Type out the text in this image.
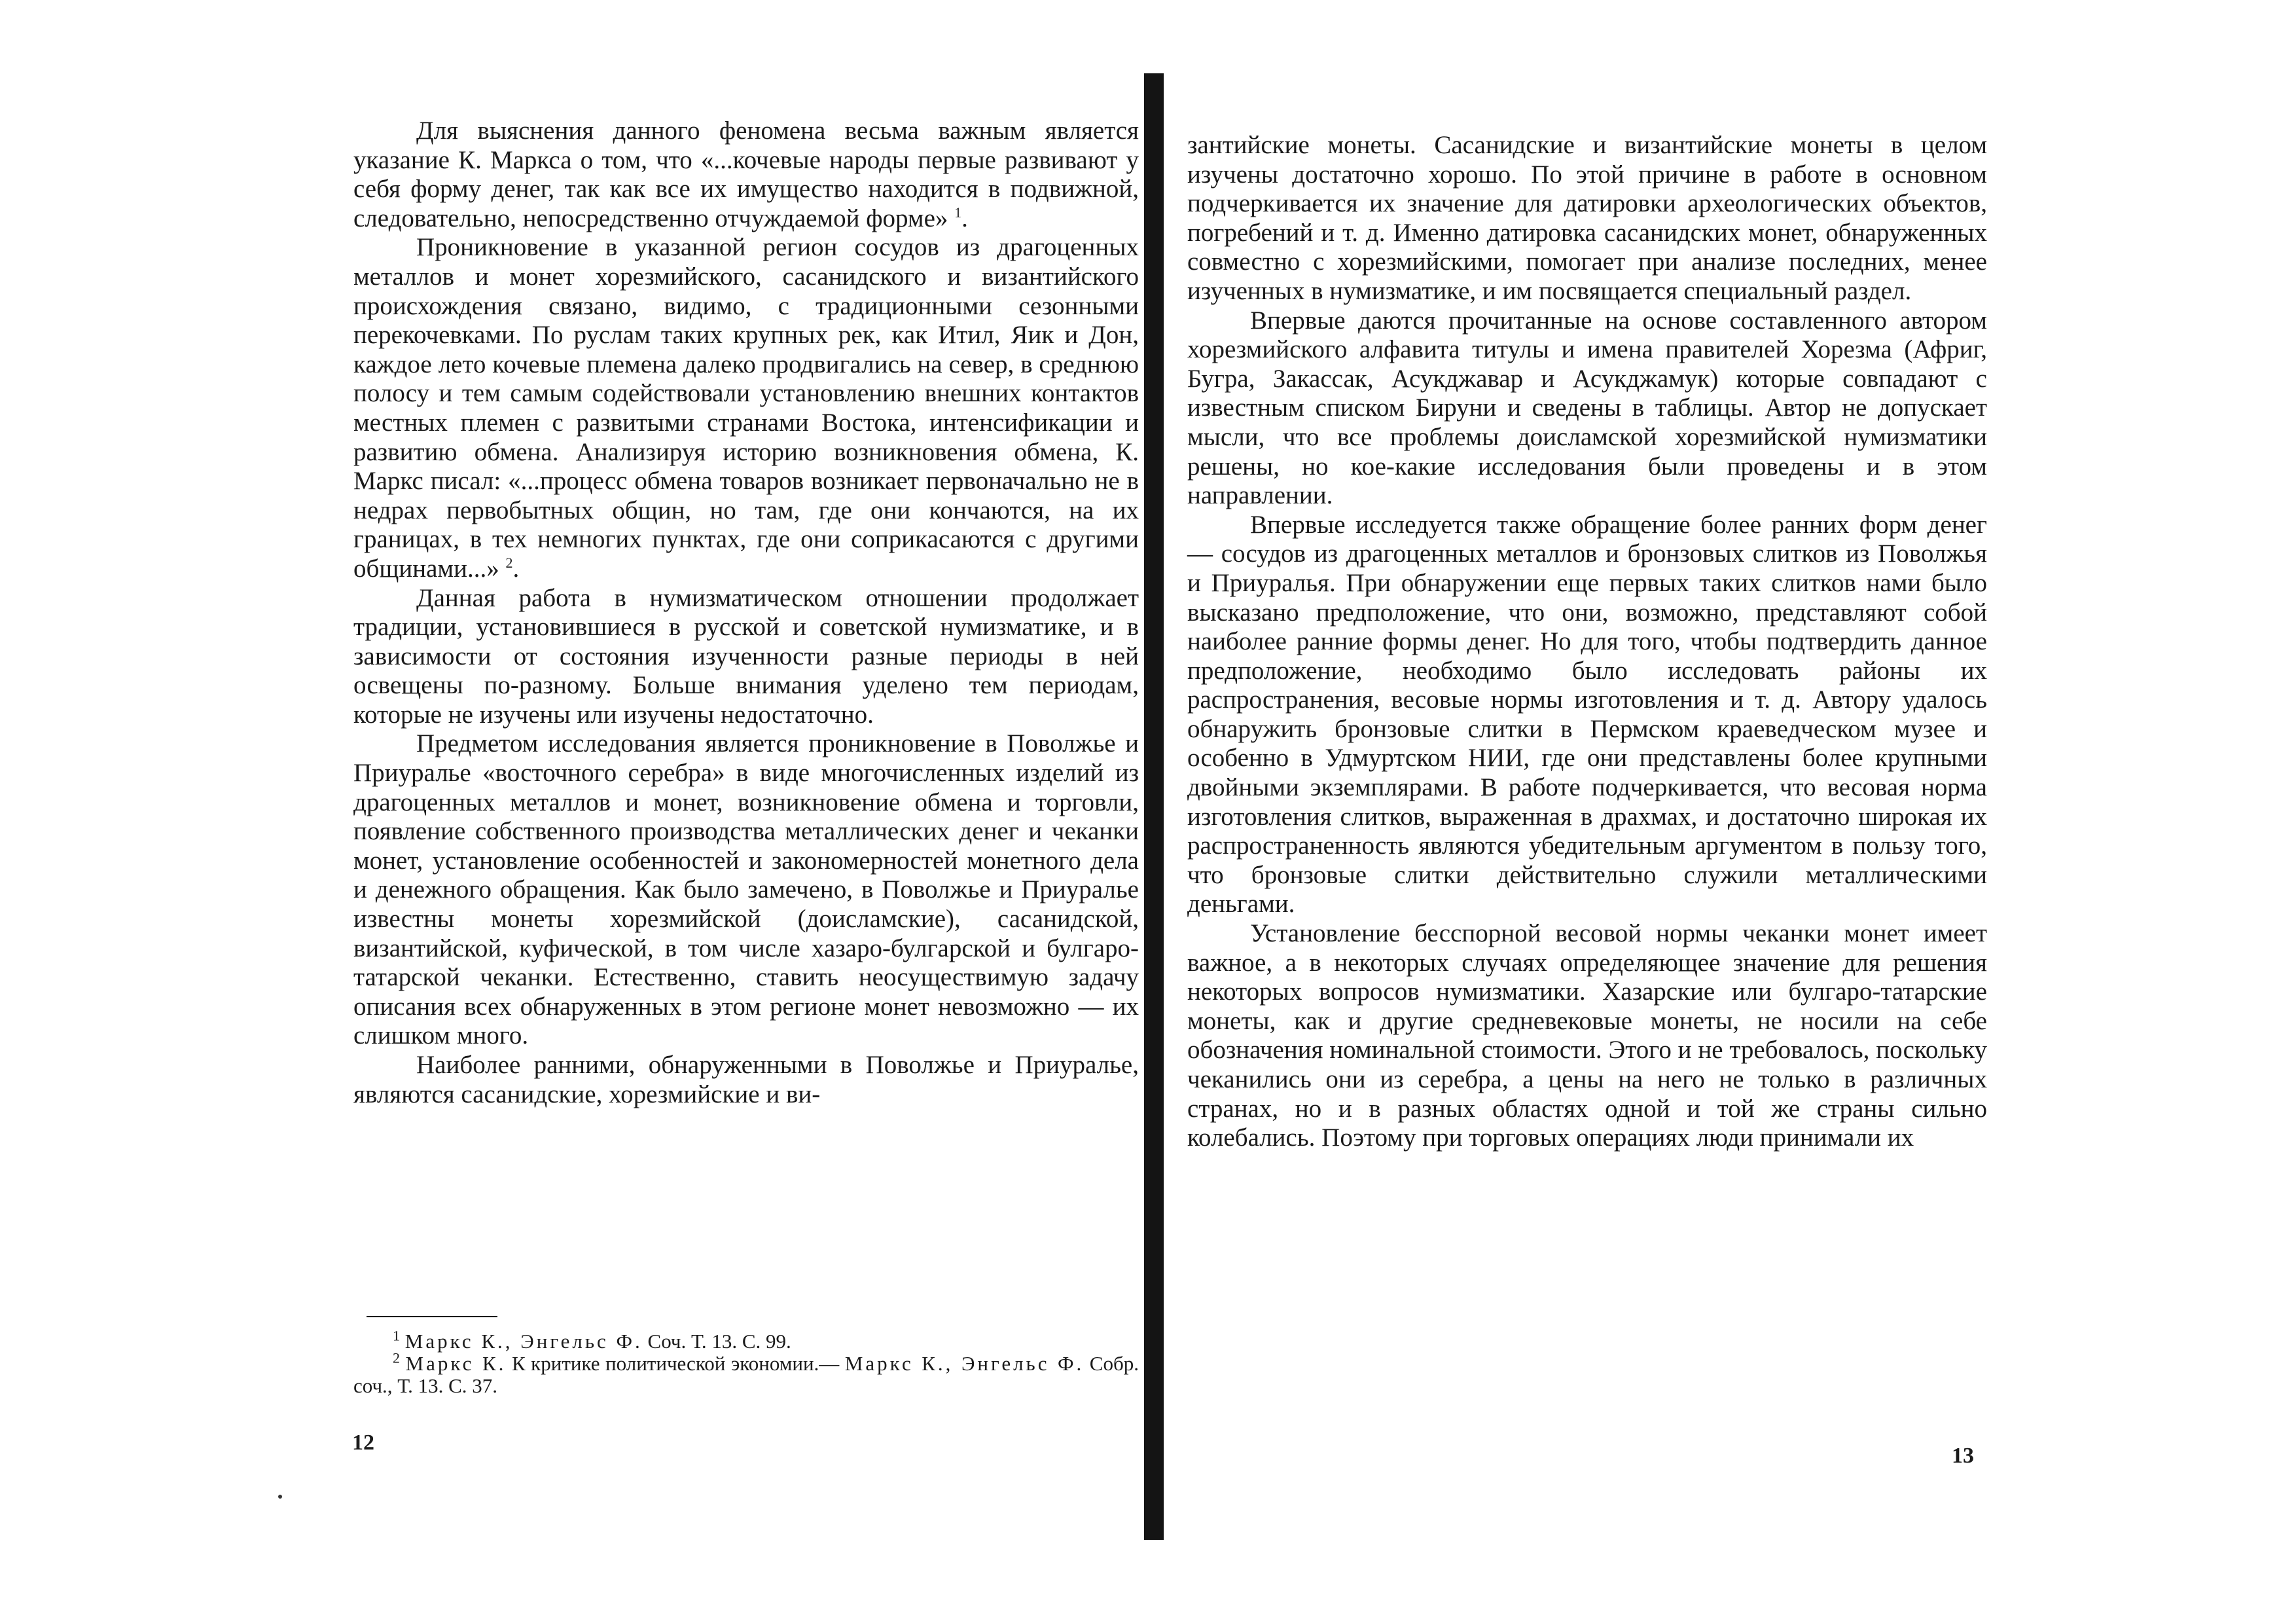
Для выяснения данного феномена весьма важным является указание К. Маркса о том, что «...кочевые народы первые развивают у себя форму денег, так как все их имущество находится в подвижной, следовательно, непосредственно отчуждаемой форме» $^1$.

Проникновение в указанной регион сосудов из драгоценных металлов и монет хорезмийского, сасанидского и византийского происхождения связано, видимо, с традиционными сезонными перекочевками. По руслам таких крупных рек, как Итил, Яик и Дон, каждое лето кочевые племена далеко продвигались на север, в среднюю полосу и тем самым содействовали установлению внешних контактов местных племен с развитыми странами Востока, интенсификации и развитию обмена. Анализируя историю возникновения обмена, К. Маркс писал: «...процесс обмена товаров возникает первоначально не в недрах первобытных общин, но там, где они кончаются, на их границах, в тех немногих пунктах, где они соприкасаются с другими общинами...» $^2$.

Данная работа в нумизматическом отношении продолжает традиции, установившиеся в русской и советской нумизматике, и в зависимости от состояния изученности разные периоды в ней освещены по-разному. Больше внимания уделено тем периодам, которые не изучены или изучены недостаточно.

Предметом исследования является проникновение в Поволжье и Приуралье «восточного серебра» в виде многочисленных изделий из драгоценных металлов и монет, возникновение обмена и торговли, появление собственного производства металлических денег и чеканки монет, установление особенностей и закономерностей монетного дела и денежного обращения. Как было замечено, в Поволжье и Приуралье известны монеты хорезмийской (доисламские), сасанидской, византийской, куфической, в том числе хазаро-булгарской и булгаро-татарской чеканки. Естественно, ставить неосуществимую задачу описания всех обнаруженных в этом регионе монет невозможно — их слишком много.

Наиболее ранними, обнаруженными в Поволжье и Приуралье, являются сасанидские, хорезмийские и ви-

$^1$ Маркс К., Энгельс Ф. Соч. Т. 13. С. 99.

$^2$ Маркс К. К критике политической экономии.— Маркс К., Энгельс Ф. Собр. соч., Т. 13. С. 37.

12

зантийские монеты. Сасанидские и византийские монеты в целом изучены достаточно хорошо. По этой причине в работе в основном подчеркивается их значение для датировки археологических объектов, погребений и т. д. Именно датировка сасанидских монет, обнаруженных совместно с хорезмийскими, помогает при анализе последних, менее изученных в нумизматике, и им посвящается специальный раздел.

Впервые даются прочитанные на основе составленного автором хорезмийского алфавита титулы и имена правителей Хорезма (Африг, Бугра, Закассак, Асукджавар и Асукджамук) которые совпадают с известным списком Бируни и сведены в таблицы. Автор не допускает мысли, что все проблемы доисламской хорезмийской нумизматики решены, но кое-какие исследования были проведены и в этом направлении.

Впервые исследуется также обращение более ранних форм денег — сосудов из драгоценных металлов и бронзовых слитков из Поволжья и Приуралья. При обнаружении еще первых таких слитков нами было высказано предположение, что они, возможно, представляют собой наиболее ранние формы денег. Но для того, чтобы подтвердить данное предположение, необходимо было исследовать районы их распространения, весовые нормы изготовления и т. д. Автору удалось обнаружить бронзовые слитки в Пермском краеведческом музее и особенно в Удмуртском НИИ, где они представлены более крупными двойными экземплярами. В работе подчеркивается, что весовая норма изготовления слитков, выраженная в драхмах, и достаточно широкая их распространенность являются убедительным аргументом в пользу того, что бронзовые слитки действительно служили металлическими деньгами.

Установление бесспорной весовой нормы чеканки монет имеет важное, а в некоторых случаях определяющее значение для решения некоторых вопросов нумизматики. Хазарские или булгаро-татарские монеты, как и другие средневековые монеты, не носили на себе обозначения номинальной стоимости. Этого и не требовалось, поскольку чеканились они из серебра, а цены на него не только в различных странах, но и в разных областях одной и той же страны сильно колебались. Поэтому при торговых операциях люди принимали их

13
